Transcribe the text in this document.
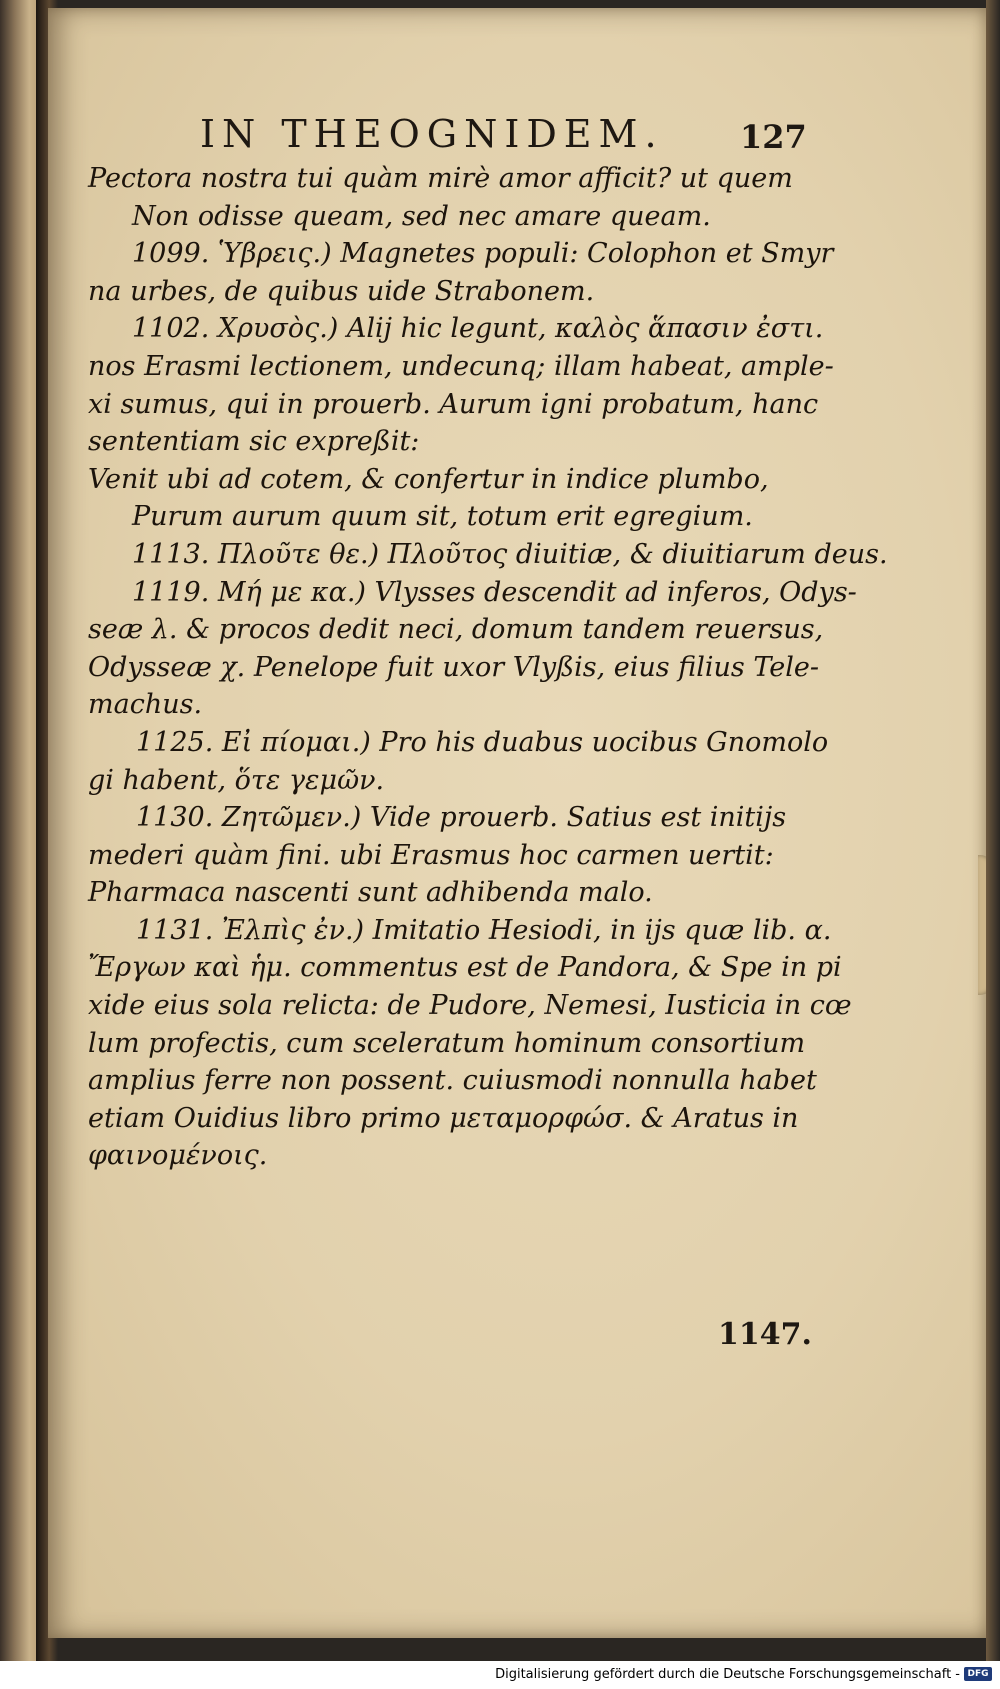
IN THEOGNIDEM. 127
Pectora nostra tui quàm mirè amor afficit? ut quem
Non odisse queam, sed nec amare queam.
1099. Ὑβρεις.) Magnetes populi: Colophon et Smyr
na urbes, de quibus uide Strabonem.
1102. Χρυσὸς.) Alij hic legunt, καλὸς ἅπασιν ἐστι.
nos Erasmi lectionem, undecunq; illam habeat, ample-
xi sumus, qui in prouerb. Aurum igni probatum, hanc
sententiam sic expreßit:
Venit ubi ad cotem, & confertur in indice plumbo,
Purum aurum quum sit, totum erit egregium.
1113. Πλοῦτε θε.) Πλοῦτος diuitiæ, & diuitiarum deus.
1119. Μή με κα.) Vlysses descendit ad inferos, Odys-
seæ λ. & procos dedit neci, domum tandem reuersus,
Odysseæ χ. Penelope fuit uxor Vlyßis, eius filius Tele-
machus.
1125. Εἰ πίομαι.) Pro his duabus uocibus Gnomolo
gi habent, ὅτε γεμῶν.
1130. Ζητῶμεν.) Vide prouerb. Satius est initijs
mederi quàm fini. ubi Erasmus hoc carmen uertit:
Pharmaca nascenti sunt adhibenda malo.
1131. Ἐλπὶς ἐν.) Imitatio Hesiodi, in ijs quæ lib. α.
Ἔργων καὶ ἡμ. commentus est de Pandora, & Spe in pi
xide eius sola relicta: de Pudore, Nemesi, Iusticia in cœ
lum profectis, cum sceleratum hominum consortium
amplius ferre non possent. cuiusmodi nonnulla habet
etiam Ouidius libro primo μεταμορφώσ. & Aratus in
φαινομένοις.
1147.
Digitalisierung gefördert durch die Deutsche Forschungsgemeinschaft - DFG
